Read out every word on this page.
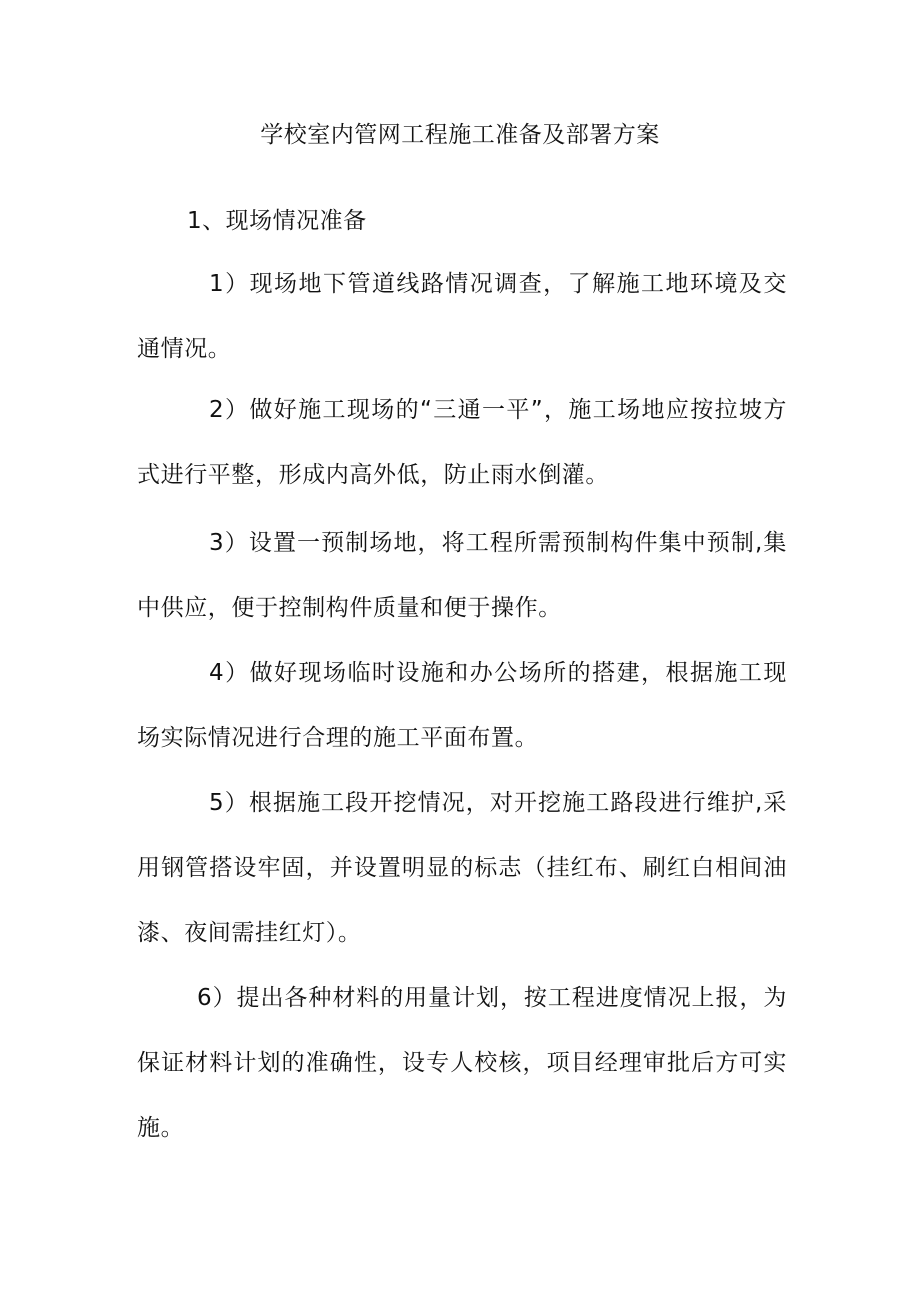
学校室内管网工程施工准备及部署方案
1、现场情况准备
1）现场地下管道线路情况调查，了解施工地环境及交通情况。
2）做好施工现场的“三通一平”，施工场地应按拉坡方式进行平整，形成内高外低，防止雨水倒灌。
3）设置一预制场地，将工程所需预制构件集中预制,集中供应，便于控制构件质量和便于操作。
4）做好现场临时设施和办公场所的搭建，根据施工现场实际情况进行合理的施工平面布置。
5）根据施工段开挖情况，对开挖施工路段进行维护,采用钢管搭设牢固，并设置明显的标志（挂红布、刷红白相间油漆、夜间需挂红灯）。
6）提出各种材料的用量计划，按工程进度情况上报，为保证材料计划的准确性，设专人校核，项目经理审批后方可实施。
